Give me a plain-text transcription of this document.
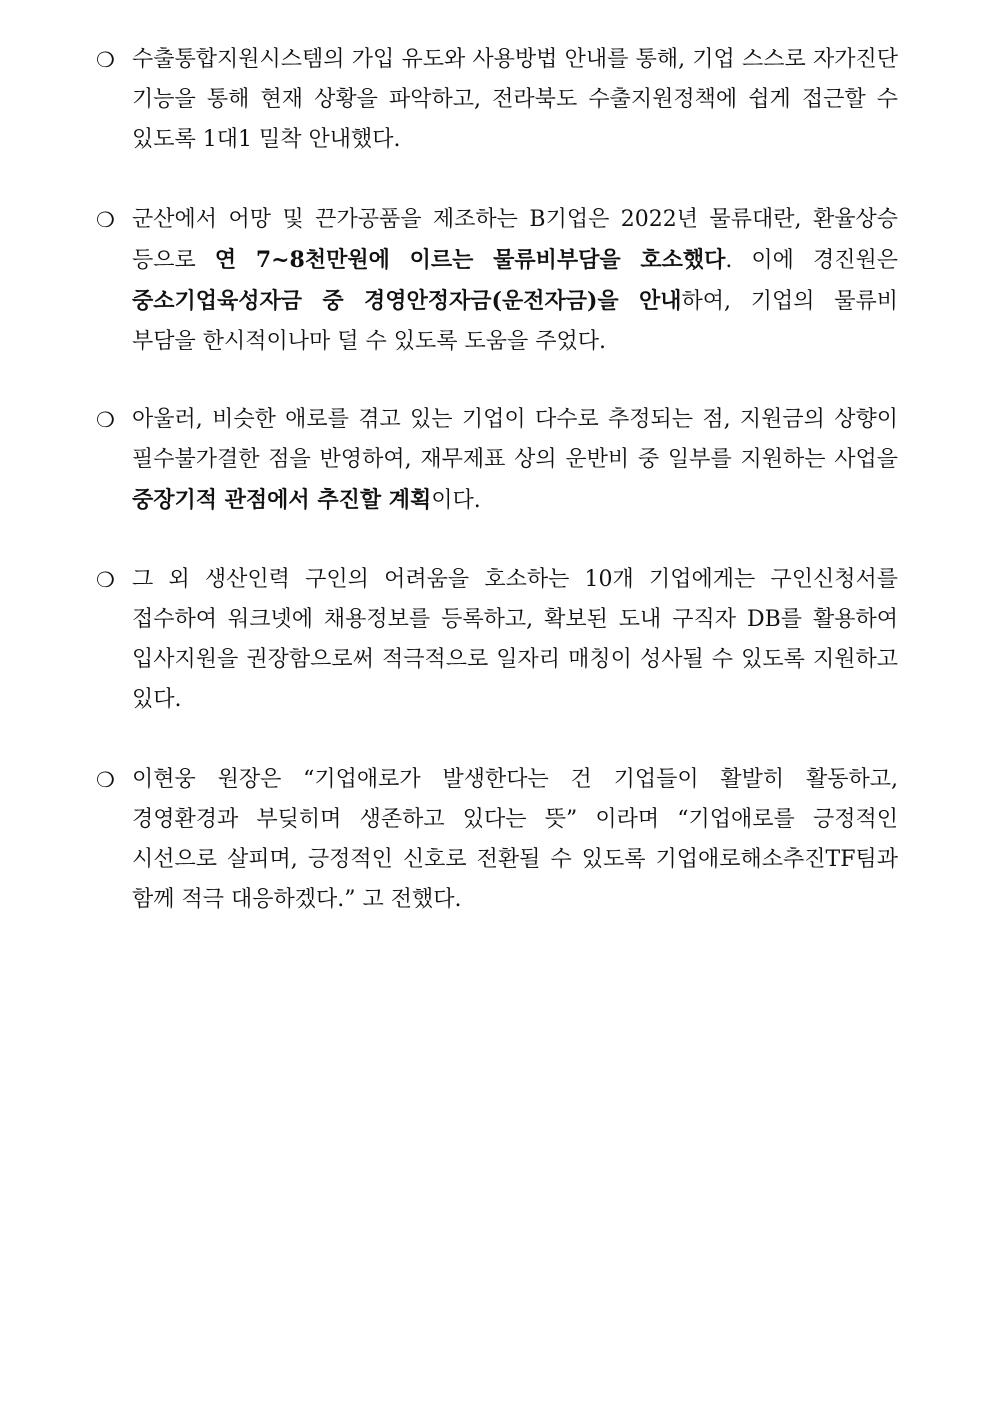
❍ 수출통합지원시스템의 가입 유도와 사용방법 안내를 통해, 기업 스스로 자가진단 기능을 통해 현재 상황을 파악하고, 전라북도 수출지원정책에 쉽게 접근할 수 있도록 1대1 밀착 안내했다.
❍ 군산에서 어망 및 끈가공품을 제조하는 B기업은 2022년 물류대란, 환율상승 등으로 연 7~8천만원에 이르는 물류비부담을 호소했다. 이에 경진원은 중소기업육성자금 중 경영안정자금(운전자금)을 안내하여, 기업의 물류비 부담을 한시적이나마 덜 수 있도록 도움을 주었다.
❍ 아울러, 비슷한 애로를 겪고 있는 기업이 다수로 추정되는 점, 지원금의 상향이 필수불가결한 점을 반영하여, 재무제표 상의 운반비 중 일부를 지원하는 사업을 중장기적 관점에서 추진할 계획이다.
❍ 그 외 생산인력 구인의 어려움을 호소하는 10개 기업에게는 구인신청서를 접수하여 워크넷에 채용정보를 등록하고, 확보된 도내 구직자 DB를 활용하여 입사지원을 권장함으로써 적극적으로 일자리 매칭이 성사될 수 있도록 지원하고 있다.
❍ 이현웅 원장은 “기업애로가 발생한다는 건 기업들이 활발히 활동하고, 경영환경과 부딪히며 생존하고 있다는 뜻” 이라며 “기업애로를 긍정적인 시선으로 살피며, 긍정적인 신호로 전환될 수 있도록 기업애로해소추진TF팀과 함께 적극 대응하겠다.” 고 전했다.
